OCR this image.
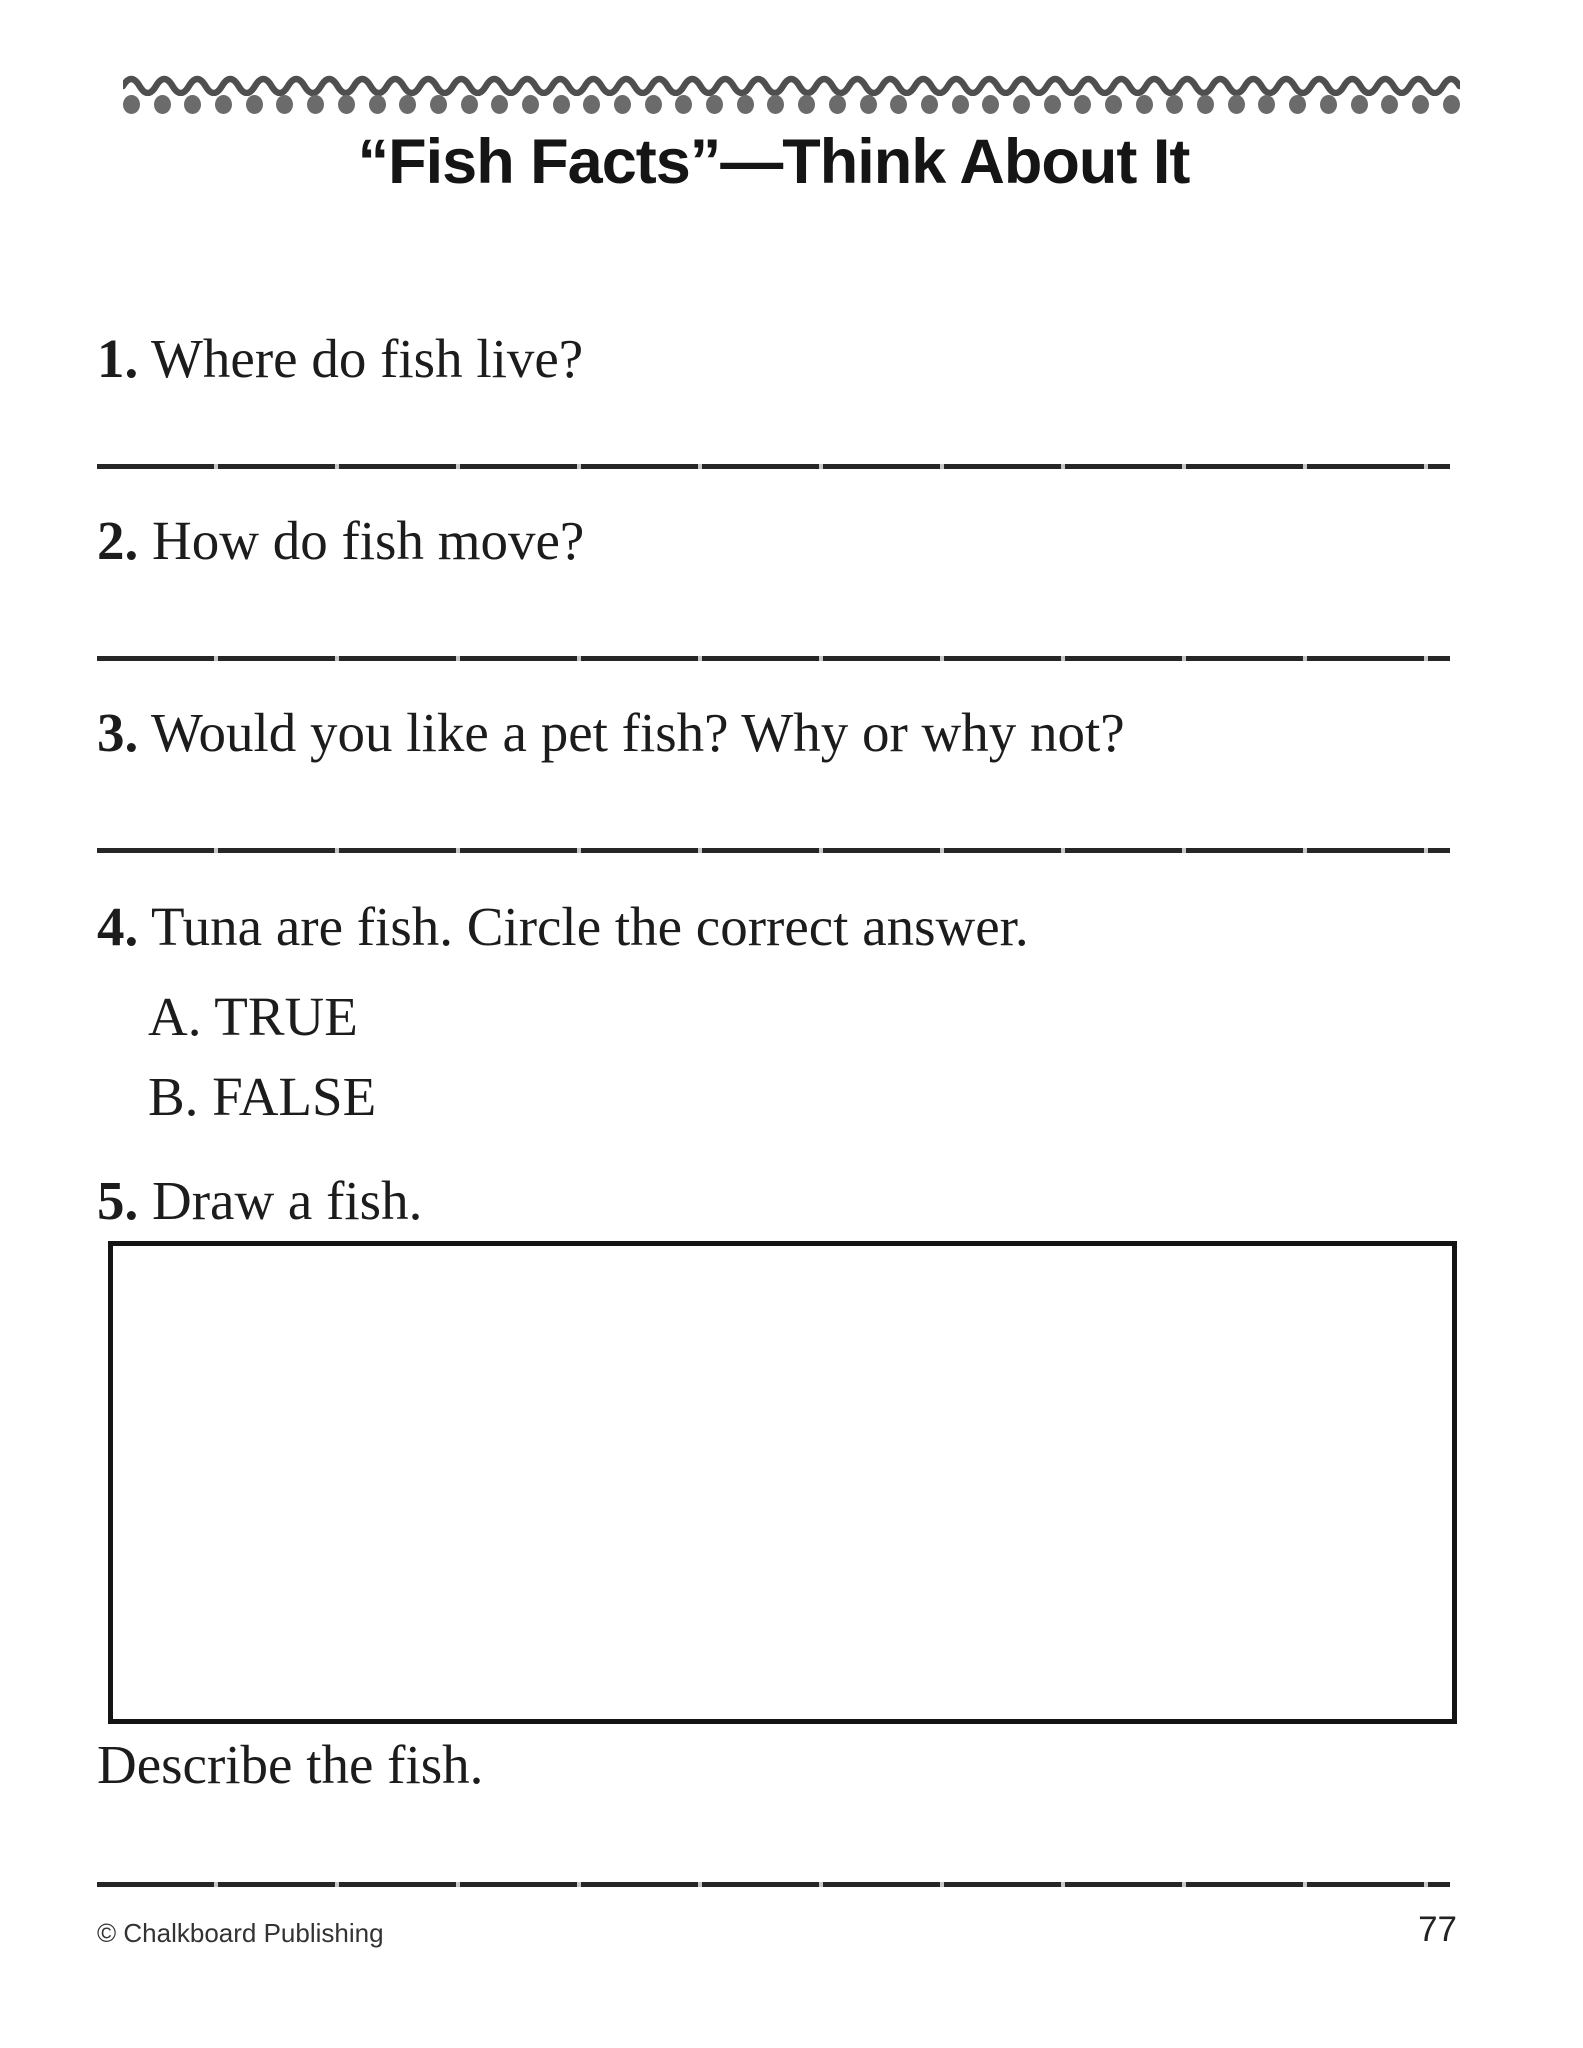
“Fish Facts”—Think About It
1. Where do fish live?
2. How do fish move?
3. Would you like a pet fish? Why or why not?
4. Tuna are fish. Circle the correct answer.
A. TRUE
B. FALSE
5. Draw a fish.
Describe the fish.
© Chalkboard Publishing	77
